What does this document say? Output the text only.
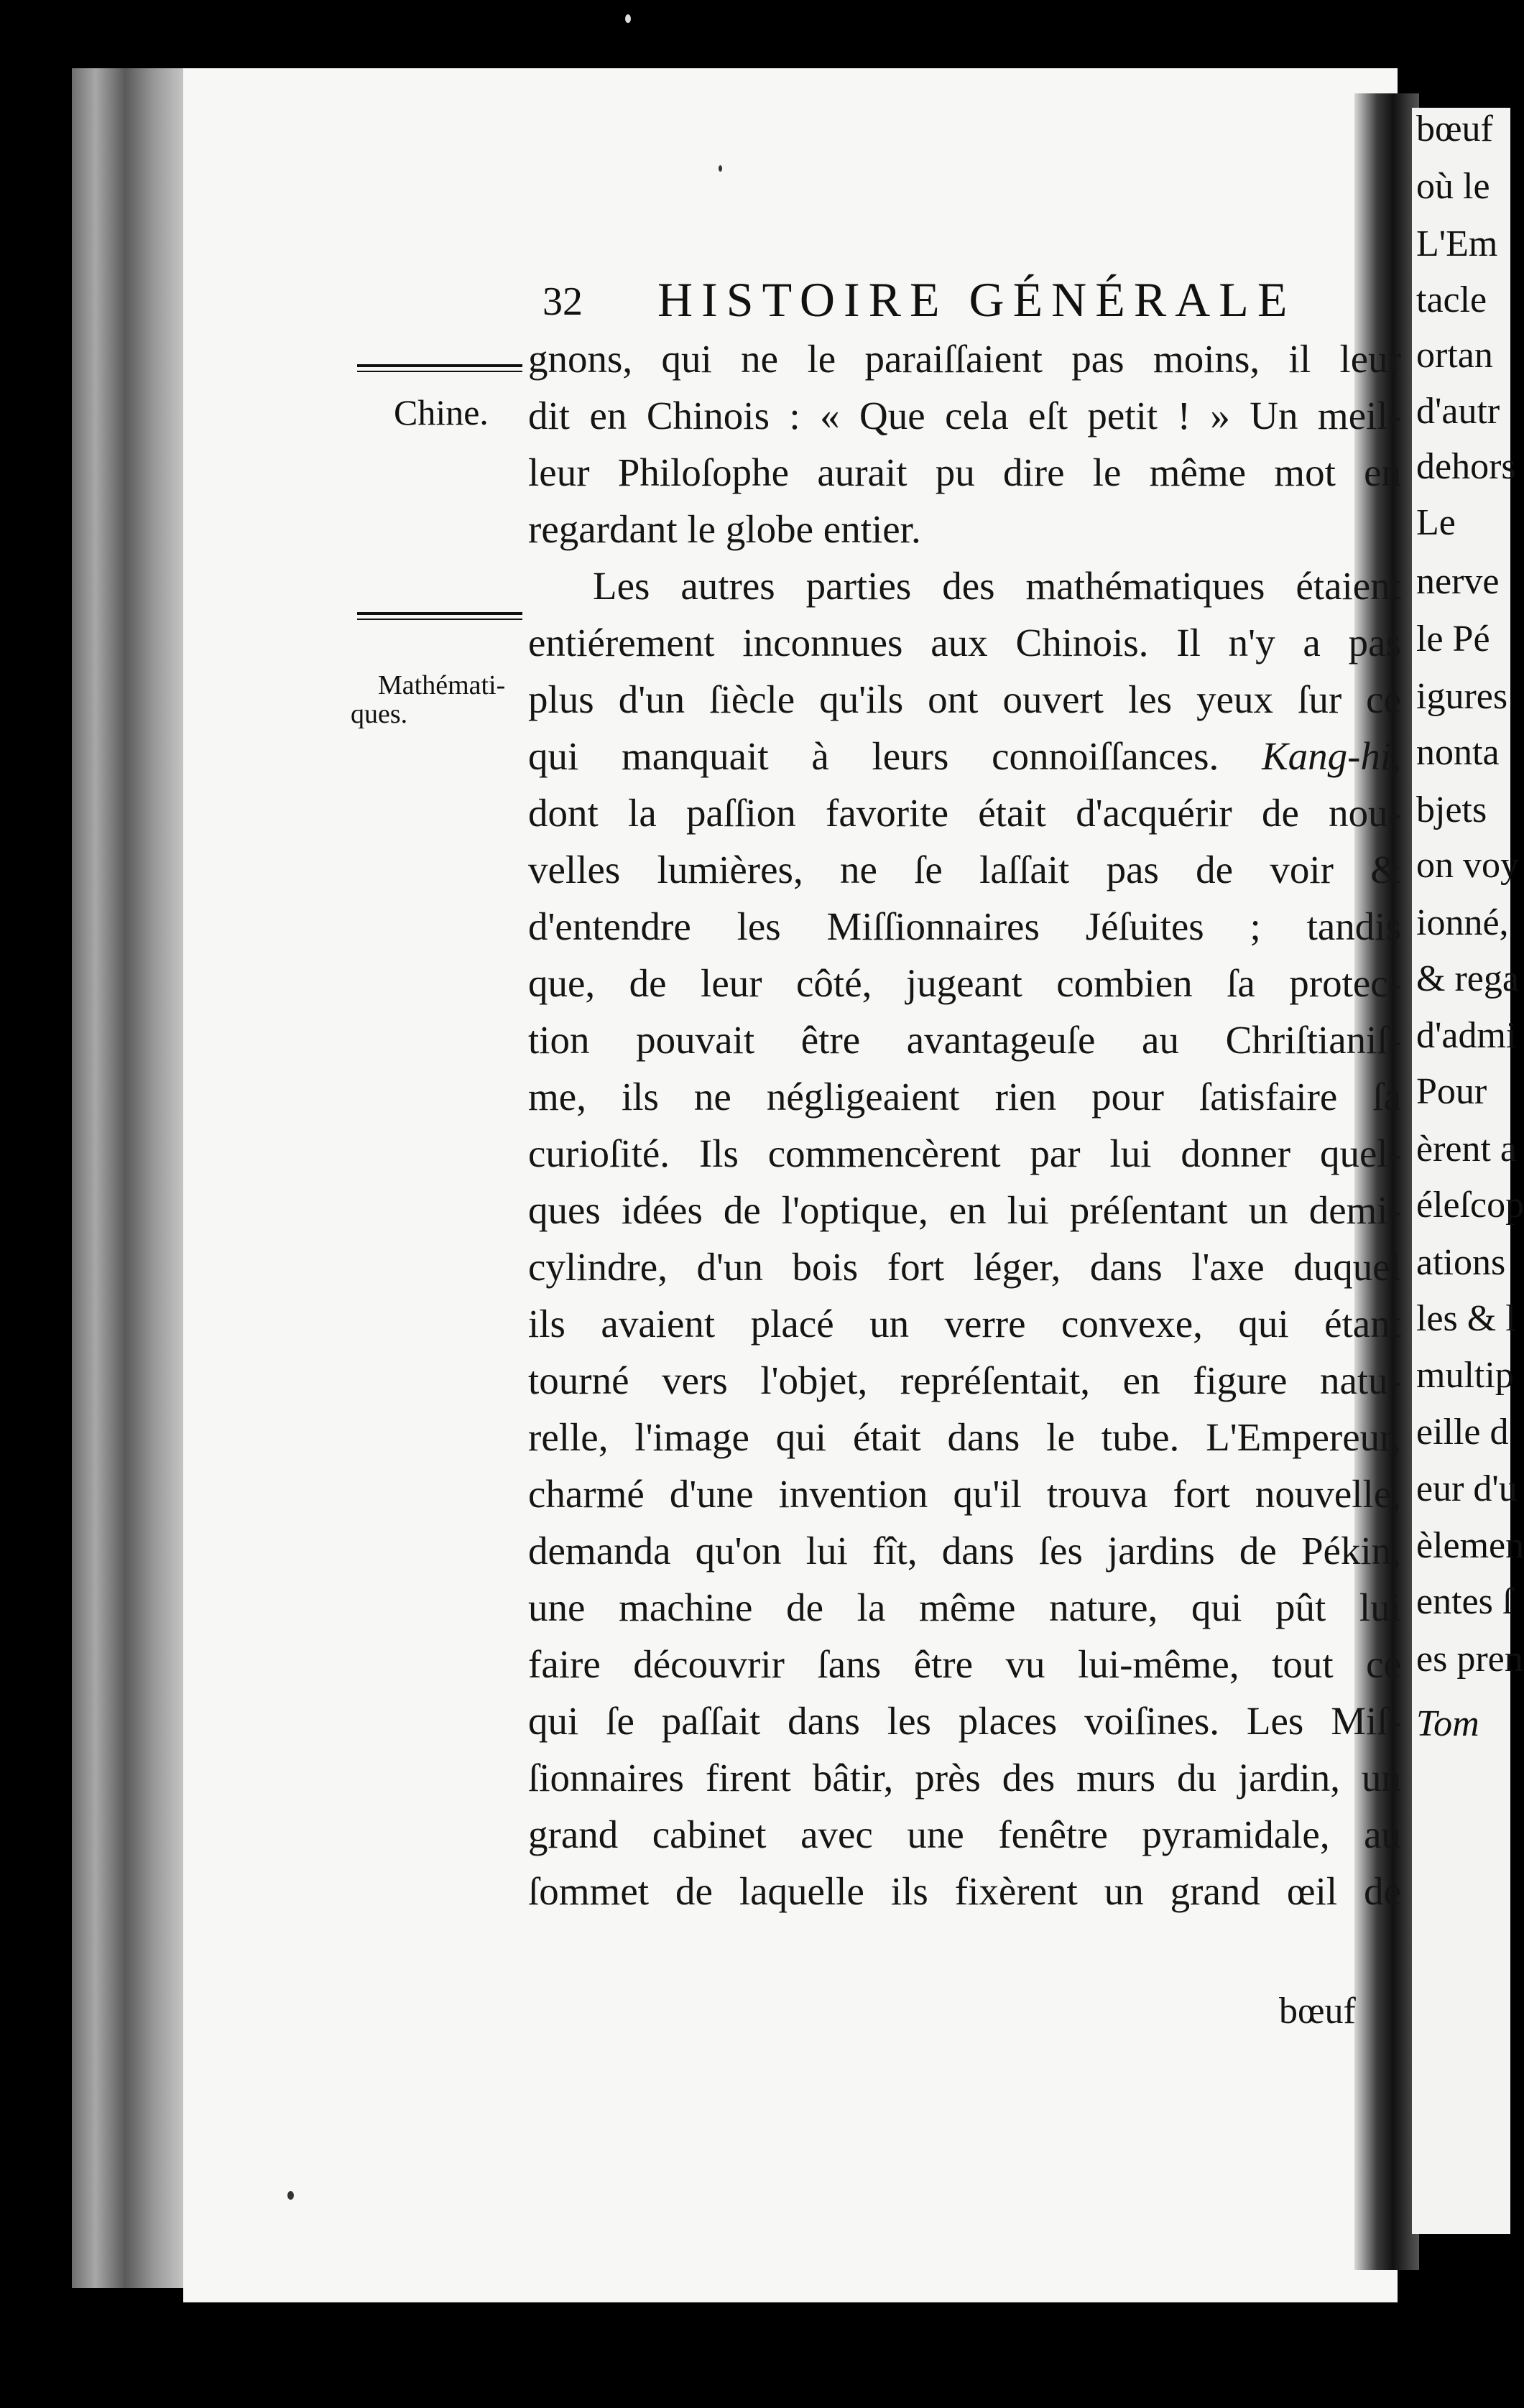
bœuf
où le
L'Em
tacle
ortan
d'autr
dehors
Le
nerve
le Pé
igures
nonta
bjets
on voy
ionné,
& rega
d'admi
Pour
èrent a
éleſcop
ations
les & l
multip
eille d
eur d'u
èlemen
entes ſ
es pren
Tom
32 HISTOIRE GÉNÉRALE
Chine.

Mathémati-
ques.

gnons, qui ne le paraiſſaient pas moins, il leur
dit en Chinois : « Que cela eſt petit ! » Un meil-
leur Philoſophe aurait pu dire le même mot en
regardant le globe entier.
Les autres parties des mathématiques étaient
entiérement inconnues aux Chinois. Il n'y a pas
plus d'un ſiècle qu'ils ont ouvert les yeux ſur ce
qui manquait à leurs connoiſſances. Kang-hi,
dont la paſſion favorite était d'acquérir de nou-
velles lumières, ne ſe laſſait pas de voir &
d'entendre les Miſſionnaires Jéſuites ; tandis
que, de leur côté, jugeant combien ſa protec-
tion pouvait être avantageuſe au Chriſtianiſ-
me, ils ne négligeaient rien pour ſatisfaire ſa
curioſité. Ils commencèrent par lui donner quel-
ques idées de l'optique, en lui préſentant un demi-
cylindre, d'un bois fort léger, dans l'axe duquel
ils avaient placé un verre convexe, qui étant
tourné vers l'objet, repréſentait, en figure natu-
relle, l'image qui était dans le tube. L'Empereur,
charmé d'une invention qu'il trouva fort nouvelle,
demanda qu'on lui fît, dans ſes jardins de Pékin,
une machine de la même nature, qui pût lui
faire découvrir ſans être vu lui-même, tout ce
qui ſe paſſait dans les places voiſines. Les Miſ-
ſionnaires firent bâtir, près des murs du jardin, un
grand cabinet avec une fenêtre pyramidale, au
ſommet de laquelle ils fixèrent un grand œil de
bœuf
